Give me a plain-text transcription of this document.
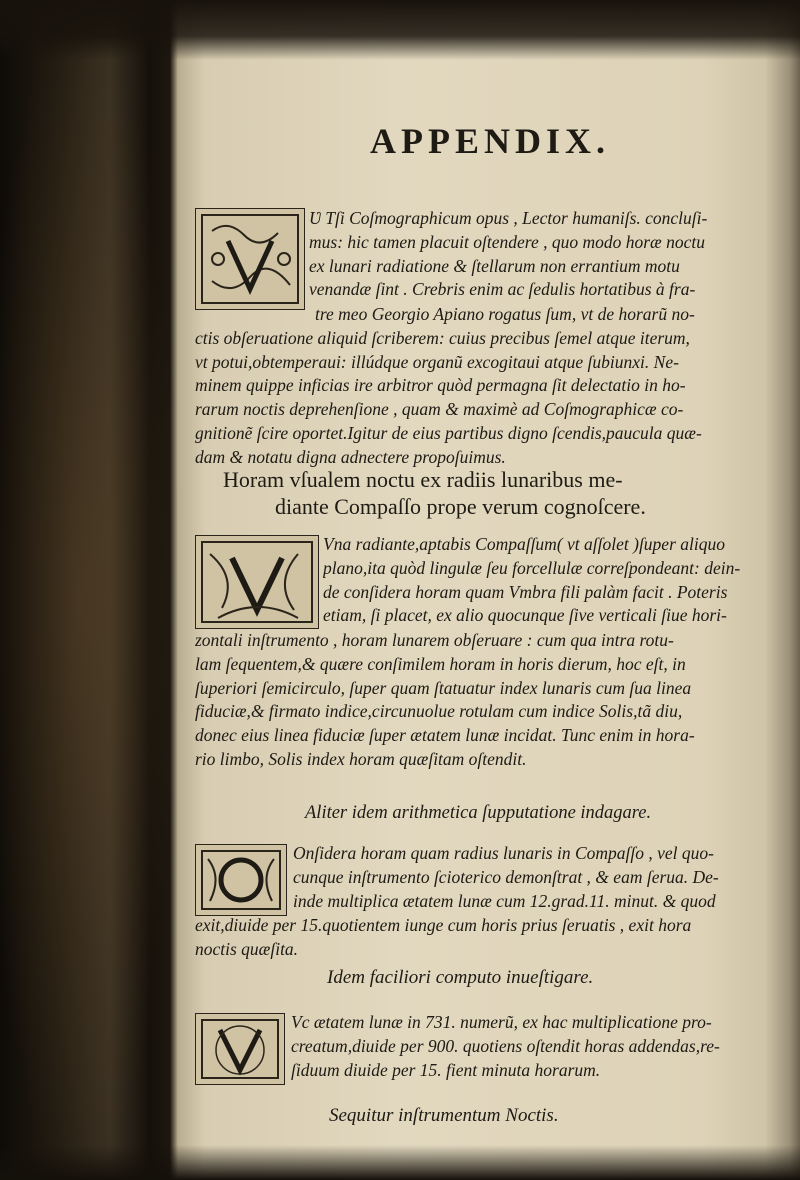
APPENDIX.
Ʋ Tſi Coſmographicum opus , Lector humaniſs. concluſi-
mus: hic tamen placuit oſtendere , quo modo horæ noctu
ex lunari radiatione & ſtellarum non errantium motu
venandæ ſint . Crebris enim ac ſedulis hortatibus à fra-
tre meo Georgio Apiano rogatus ſum, vt de horarũ no-
ctis obſeruatione aliquid ſcriberem: cuius precibus ſemel atque iterum,
vt potui,obtemperaui: illúdque organũ excogitaui atque ſubiunxi. Ne-
minem quippe inficias ire arbitror quòd permagna ſit delectatio in ho-
rarum noctis deprehenſione , quam & maximè ad Coſmographicæ co-
gnitionẽ ſcire oportet.Igitur de eius partibus digno ſcendis,paucula quæ-
dam & notatu digna adnectere propoſuimus.
Horam vſualem noctu ex radiis lunaribus me-
diante Compaſſo prope verum cognoſcere.
Vna radiante,aptabis Compaſſum( vt aſſolet )ſuper aliquo
plano,ita quòd lingulæ ſeu forcellulæ correſpondeant: dein-
de conſidera horam quam Vmbra fili palàm facit . Poteris
etiam, ſi placet, ex alio quocunque ſive verticali ſiue hori-
zontali inſtrumento , horam lunarem obſeruare : cum qua intra rotu-
lam ſequentem,& quære conſimilem horam in horis dierum, hoc eſt, in
ſuperiori ſemicirculo, ſuper quam ſtatuatur index lunaris cum ſua linea
fiduciæ,& firmato indice,circunuolue rotulam cum indice Solis,tã diu,
donec eius linea fiduciæ ſuper ætatem lunæ incidat. Tunc enim in hora-
rio limbo, Solis index horam quæſitam oſtendit.
Aliter idem arithmetica ſupputatione indagare.
Onſidera horam quam radius lunaris in Compaſſo , vel quo-
cunque inſtrumento ſcioterico demonſtrat , & eam ſerua. De-
inde multiplica ætatem lunæ cum 12.grad.11. minut. & quod
exit,diuide per 15.quotientem iunge cum horis prius ſeruatis , exit hora
noctis quæſita.
Idem faciliori computo inueſtigare.
Vc ætatem lunæ in 731. numerũ, ex hac multiplicatione pro-
creatum,diuide per 900. quotiens oſtendit horas addendas,re-
ſiduum diuide per 15. fient minuta horarum.
Sequitur inſtrumentum Noctis.
